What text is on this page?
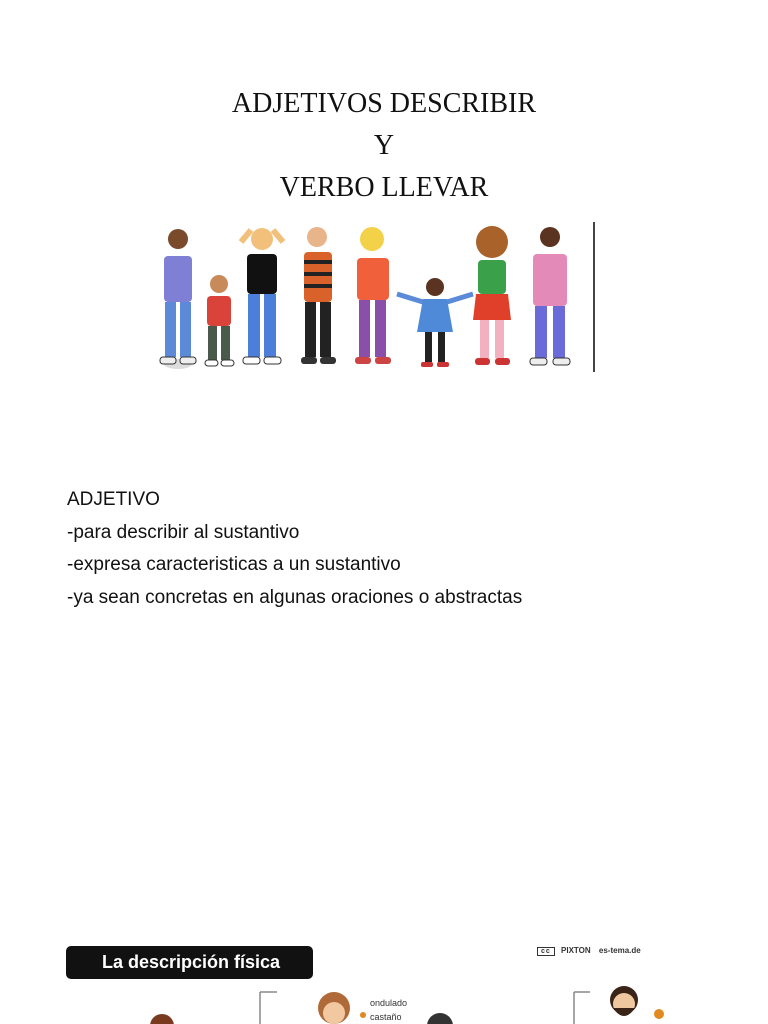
ADJETIVOS DESCRIBIR
Y
VERBO LLEVAR
ADJETIVO
-para describir al sustantivo
-expresa caracteristicas a un sustantivo
-ya sean concretas en algunas oraciones o abstractas
La descripción física
cc PIXTON es-tema.de
ondulado
castaño
